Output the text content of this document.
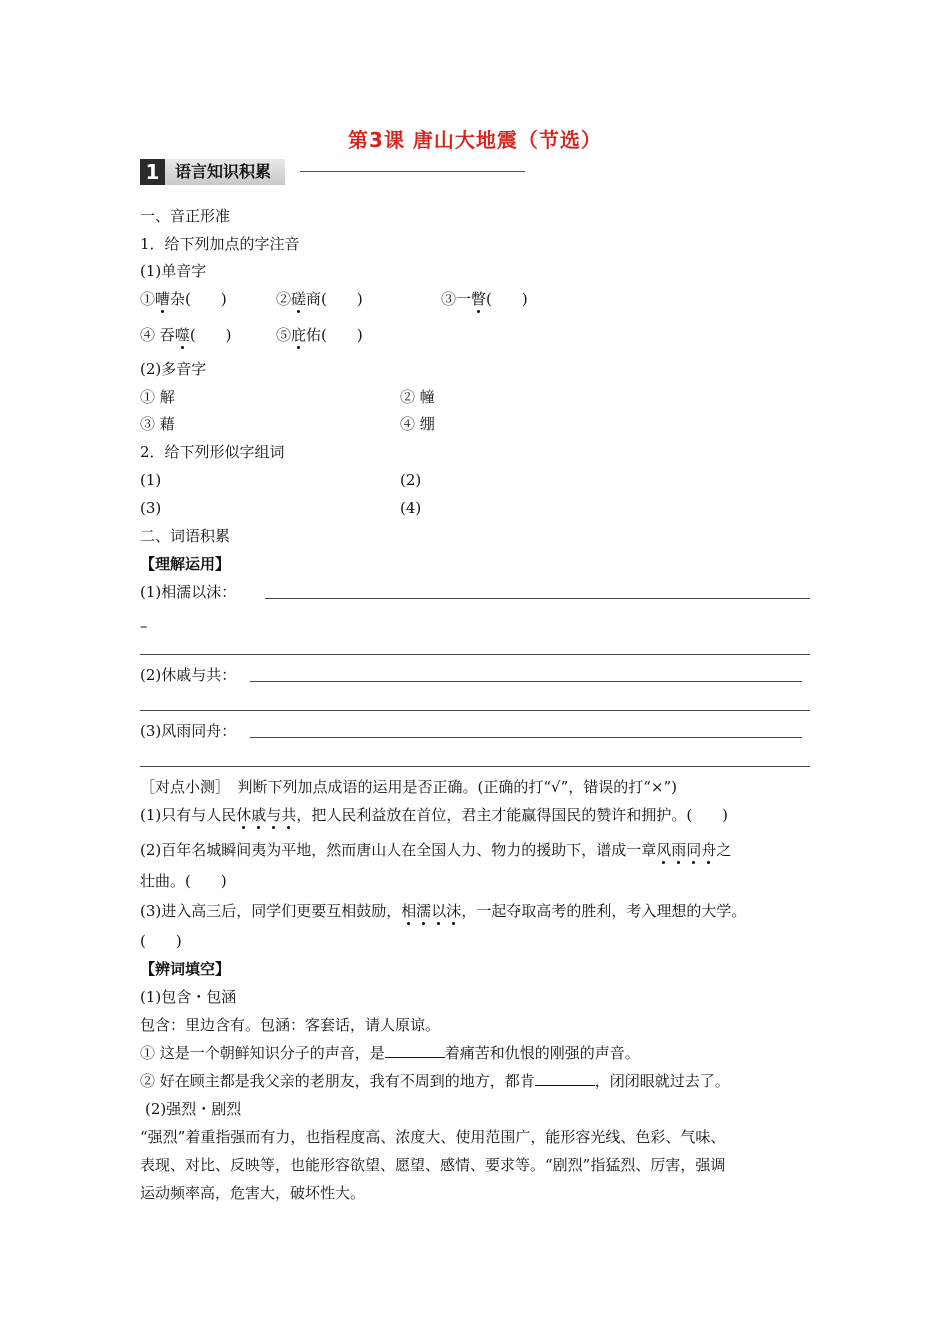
第3课 唐山大地震（节选）
1 语言知识积累
一、音正形准
1．给下列加点的字注音
(1)单音字
①嘈杂(　　)	②磋商(　　)	③一瞥(　　)
④ 吞噬(　　)	⑤庇佑(　　)
(2)多音字
① 解	② 幢
③ 藉	④ 绷
2．给下列形似字组词
(1)	(2)
(3)	(4)
二、词语积累
【理解运用】
(1)相濡以沫：
–
(2)休戚与共：
(3)风雨同舟：
［对点小测］　判断下列加点成语的运用是否正确。(正确的打“√”，错误的打“×”)
(1)只有与人民休戚与共，把人民利益放在首位，君主才能赢得国民的赞许和拥护。(　　)
(2)百年名城瞬间夷为平地，然而唐山人在全国人力、物力的援助下，谱成一章风雨同舟之
壮曲。(　　)
(3)进入高三后，同学们更要互相鼓励，相濡以沫，一起夺取高考的胜利，考入理想的大学。
(　　)
【辨词填空】
(1)包含・包涵
包含：里边含有。包涵：客套话，请人原谅。
① 这是一个朝鲜知识分子的声音，是	着痛苦和仇恨的刚强的声音。
② 好在顾主都是我父亲的老朋友，我有不周到的地方，都肯	，闭闭眼就过去了。
(2)强烈・剧烈
“强烈”着重指强而有力，也指程度高、浓度大、使用范围广，能形容光线、色彩、气味、
表现、对比、反映等，也能形容欲望、愿望、感情、要求等。“剧烈”指猛烈、厉害，强调
运动频率高，危害大，破坏性大。
